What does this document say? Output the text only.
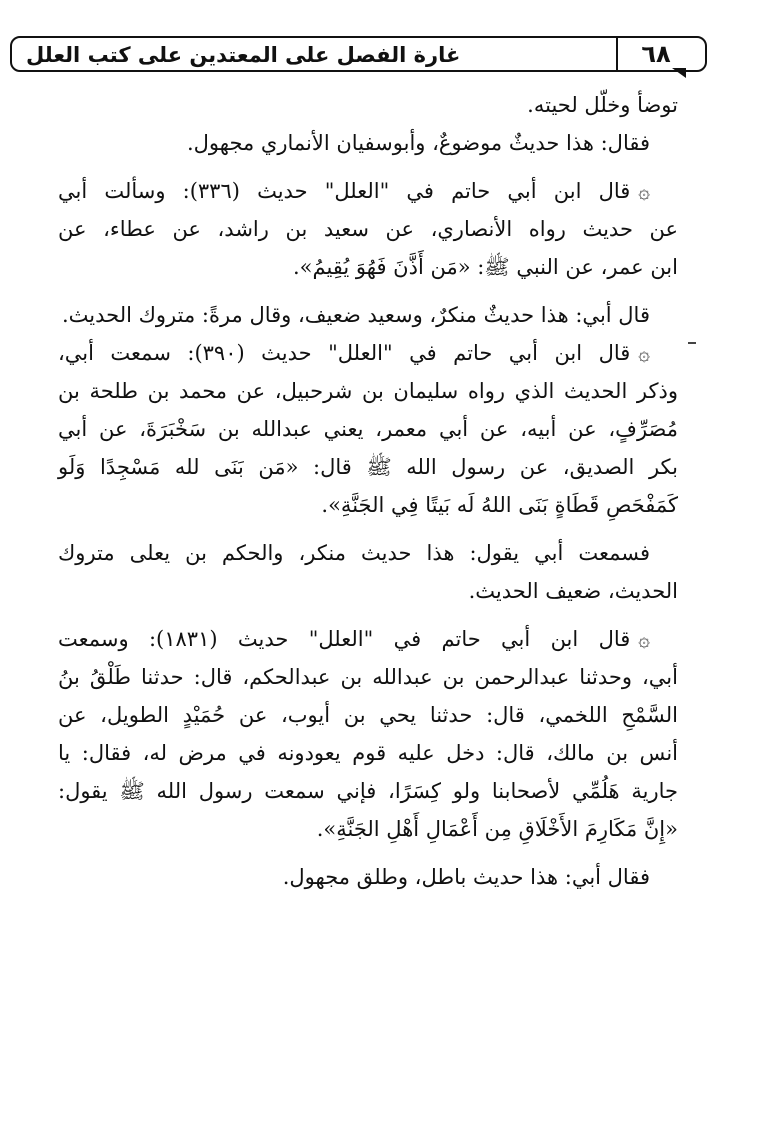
غارة الفصل على المعتدين على كتب العلل	٦٨
توضأ وخلّل لحيته.
فقال: هذا حديثٌ موضوعٌ، وأبوسفيان الأنماري مجهول.
۞قال ابن أبي حاتم في "العلل" حديث (٣٣٦): وسألت أبي
عن حديث رواه الأنصاري، عن سعيد بن راشد، عن عطاء، عن
ابن عمر، عن النبي ﷺ: «مَن أَذَّنَ فَهُوَ يُقِيمُ».
قال أبي: هذا حديثٌ منكرٌ، وسعيد ضعيف، وقال مرةً: متروك الحديث.
۞قال ابن أبي حاتم في "العلل" حديث (٣٩٠): سمعت أبي،
وذكر الحديث الذي رواه سليمان بن شرحبيل، عن محمد بن طلحة بن
مُصَرِّفٍ، عن أبيه، عن أبي معمر، يعني عبدالله بن سَخْبَرَةَ، عن أبي
بكر الصديق، عن رسول الله ﷺ قال: «مَن بَنَى لله مَسْجِدًا وَلَو
كَمَفْحَصِ قَطَاةٍ بَنَى اللهُ لَه بَيتًا فِي الجَنَّةِ».
فسمعت أبي يقول: هذا حديث منكر، والحكم بن يعلى متروك
الحديث، ضعيف الحديث.
۞قال ابن أبي حاتم في "العلل" حديث (١٨٣١): وسمعت
أبي، وحدثنا عبدالرحمن بن عبدالله بن عبدالحكم، قال: حدثنا طَلْقُ بنُ
السَّمْحِ اللخمي، قال: حدثنا يحي بن أيوب، عن حُمَيْدٍ الطويل، عن
أنس بن مالك، قال: دخل عليه قوم يعودونه في مرض له، فقال: يا
جارية هَلُمِّي لأصحابنا ولو كِسَرًا، فإني سمعت رسول الله ﷺ يقول:
«إِنَّ مَكَارِمَ الأَخْلَاقِ مِن أَعْمَالِ أَهْلِ الجَنَّةِ».
فقال أبي: هذا حديث باطل، وطلق مجهول.
